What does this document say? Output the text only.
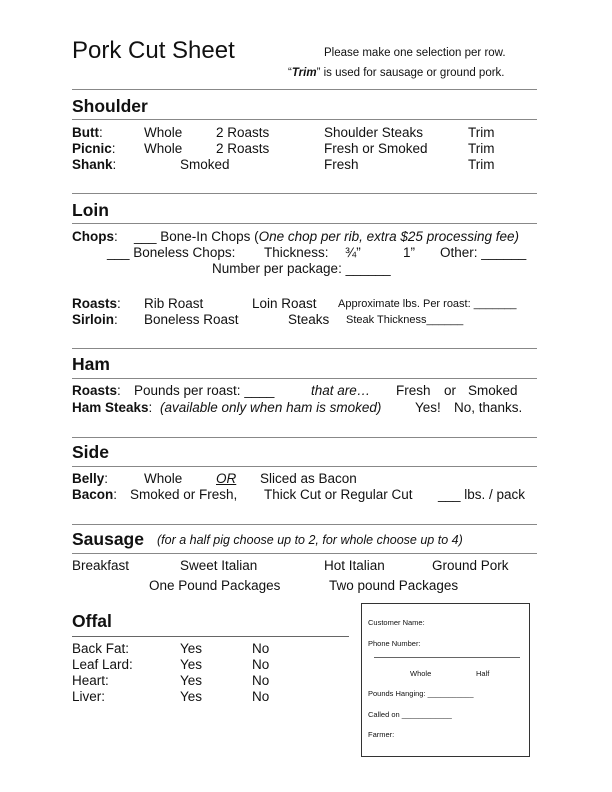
Pork Cut Sheet	Please make one selection per row.
“Trim” is used for sausage or ground pork.
Shoulder
Butt:	Whole 2 Roasts	Shoulder Steaks	Trim
Picnic: Whole 2 Roasts	Fresh or Smoked	Trim
Shank:	Smoked	Fresh	Trim
Loin
Chops: ___ Bone-In Chops (One chop per rib, extra $25 processing fee)
___ Boneless Chops: Thickness: ¾”	1” Other: ______
Number per package: ______
Roasts: Rib Roast	Loin Roast Approximate lbs. Per roast: _______
Sirloin: Boneless Roast	Steaks Steak Thickness______
Ham
Roasts: Pounds per roast: ____	that are… Fresh or Smoked
Ham Steaks: (available only when ham is smoked) Yes! No, thanks.
Side
Belly:	Whole OR Sliced as Bacon
Bacon: Smoked or Fresh, Thick Cut or Regular Cut ___ lbs. / pack
Sausage (for a half pig choose up to 2, for whole choose up to 4)
Breakfast	Sweet Italian	Hot Italian	Ground Pork
One Pound Packages	Two pound Packages
Offal
Back Fat:	Yes	No
Leaf Lard:	Yes	No
Heart:	Yes	No
Liver:	Yes	No
Customer Name:
Phone Number:
Whole	Half
Pounds Hanging: ___________
Called on ____________
Farmer:
